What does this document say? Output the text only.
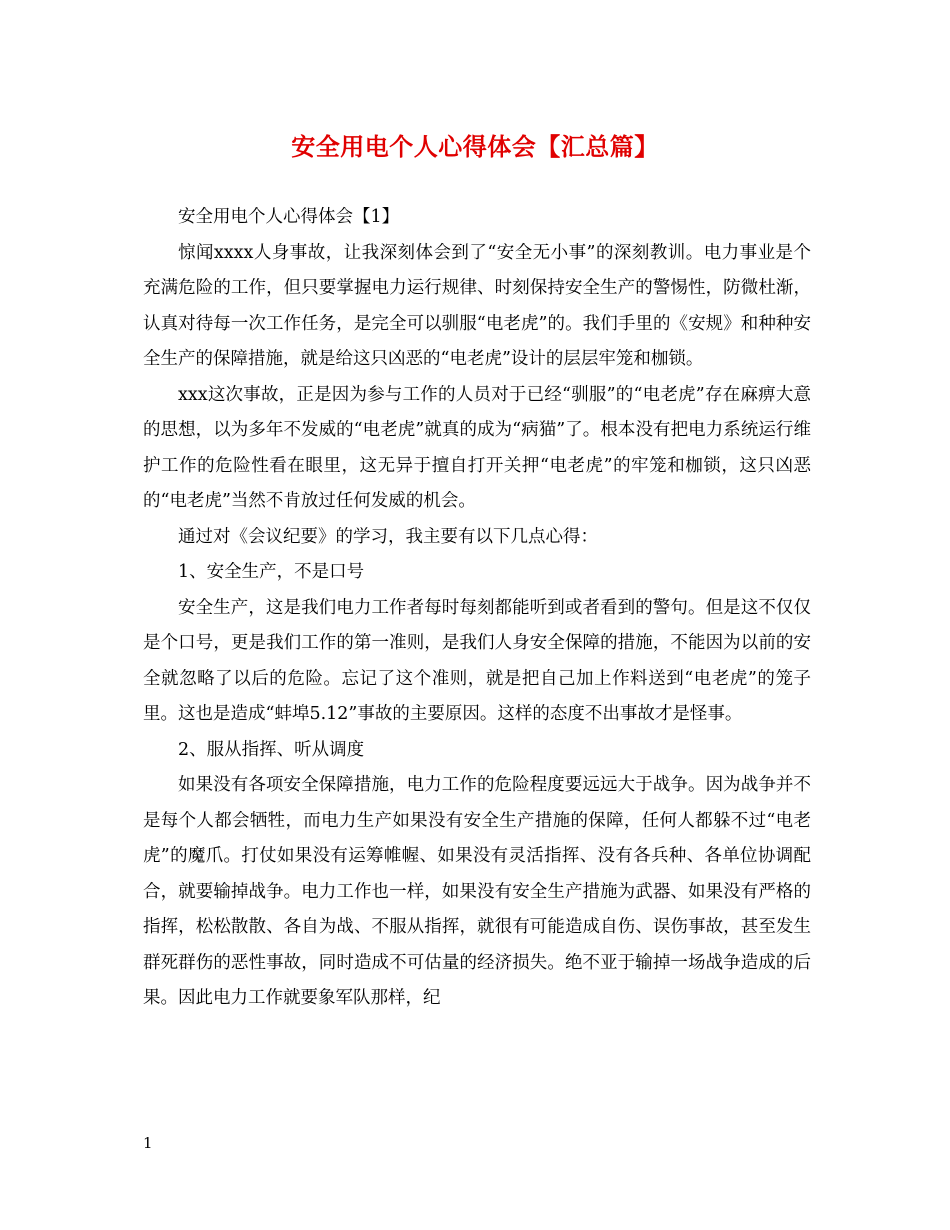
安全用电个人心得体会【汇总篇】

安全用电个人心得体会【1】

惊闻xxxx人身事故，让我深刻体会到了“安全无小事”的深刻教训。电力事业是个充满危险的工作，但只要掌握电力运行规律、时刻保持安全生产的警惕性，防微杜渐，认真对待每一次工作任务，是完全可以驯服“电老虎”的。我们手里的《安规》和种种安全生产的保障措施，就是给这只凶恶的“电老虎”设计的层层牢笼和枷锁。

xxx这次事故，正是因为参与工作的人员对于已经“驯服”的“电老虎”存在麻痹大意的思想，以为多年不发威的“电老虎”就真的成为“病猫”了。根本没有把电力系统运行维护工作的危险性看在眼里，这无异于擅自打开关押“电老虎”的牢笼和枷锁，这只凶恶的“电老虎”当然不肯放过任何发威的机会。

通过对《会议纪要》的学习，我主要有以下几点心得：

1、安全生产，不是口号

安全生产，这是我们电力工作者每时每刻都能听到或者看到的警句。但是这不仅仅是个口号，更是我们工作的第一准则，是我们人身安全保障的措施，不能因为以前的安全就忽略了以后的危险。忘记了这个准则，就是把自己加上作料送到“电老虎”的笼子里。这也是造成“蚌埠5.12”事故的主要原因。这样的态度不出事故才是怪事。

2、服从指挥、听从调度

如果没有各项安全保障措施，电力工作的危险程度要远远大于战争。因为战争并不是每个人都会牺牲，而电力生产如果没有安全生产措施的保障，任何人都躲不过“电老虎”的魔爪。打仗如果没有运筹帷幄、如果没有灵活指挥、没有各兵种、各单位协调配合，就要输掉战争。电力工作也一样，如果没有安全生产措施为武器、如果没有严格的指挥，松松散散、各自为战、不服从指挥，就很有可能造成自伤、误伤事故，甚至发生群死群伤的恶性事故，同时造成不可估量的经济损失。绝不亚于输掉一场战争造成的后果。因此电力工作就要象军队那样，纪

1
